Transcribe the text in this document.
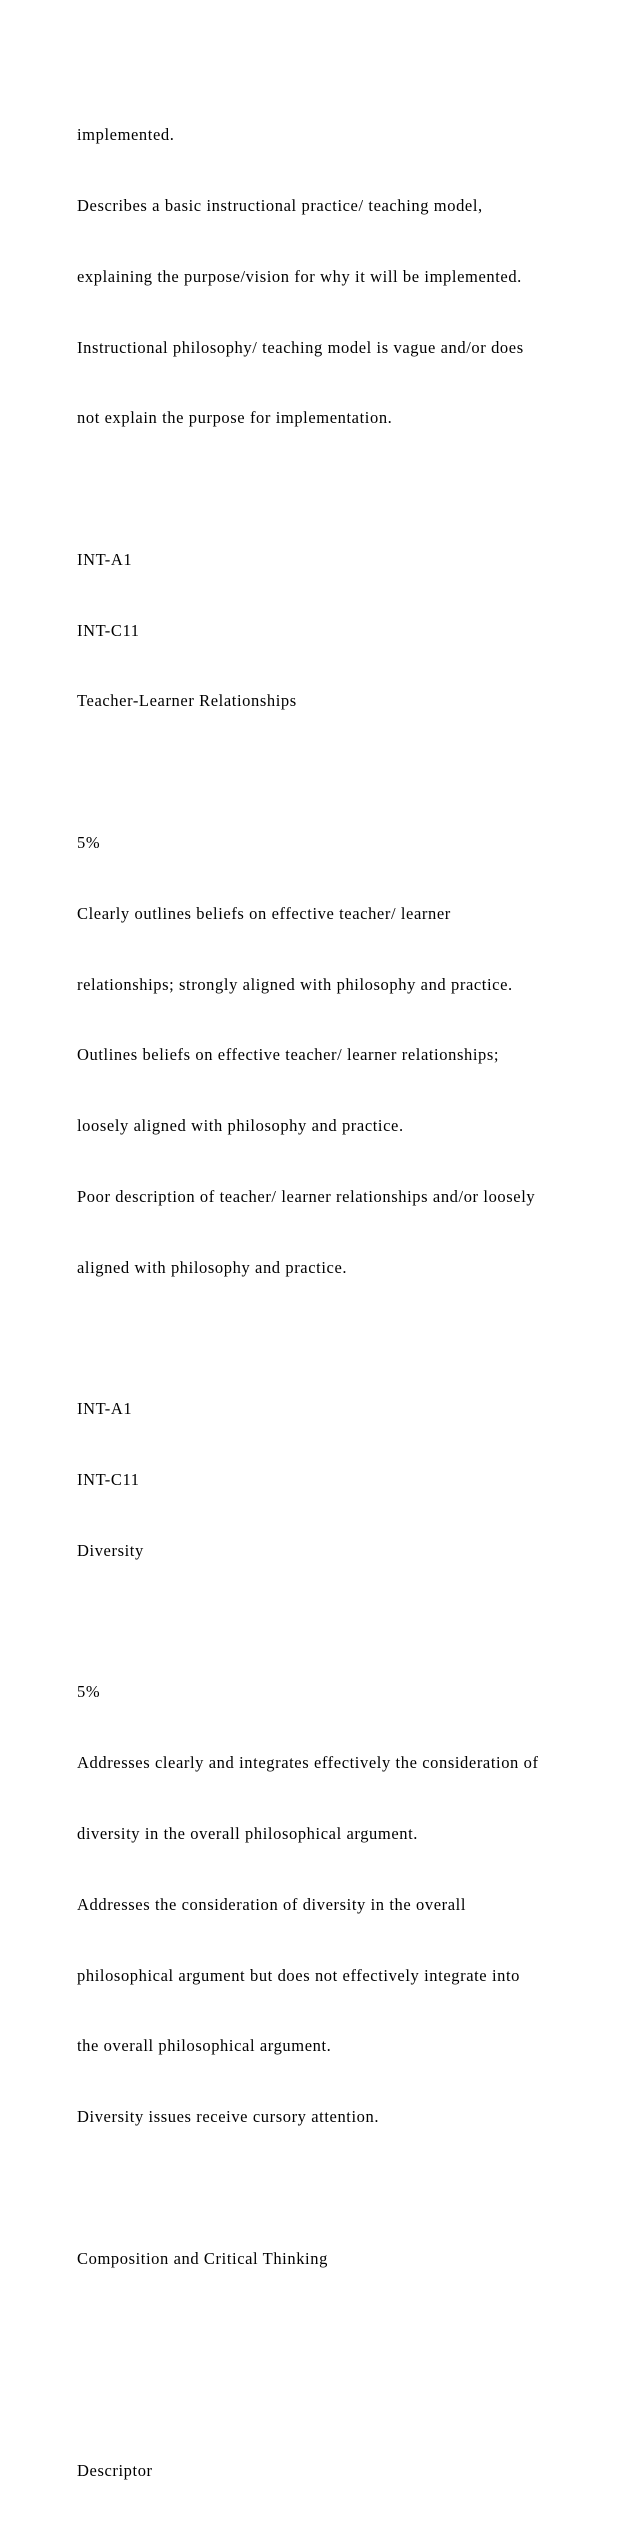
implemented.

Describes a basic instructional practice/ teaching model,

explaining the purpose/vision for why it will be implemented.

Instructional philosophy/ teaching model is vague and/or does

not explain the purpose for implementation.

INT-A1

INT-C11

Teacher-Learner Relationships

5%

Clearly outlines beliefs on effective teacher/ learner

relationships; strongly aligned with philosophy and practice.

Outlines beliefs on effective teacher/ learner relationships;

loosely aligned with philosophy and practice.

Poor description of teacher/ learner relationships and/or loosely

aligned with philosophy and practice.

INT-A1

INT-C11

Diversity

5%

Addresses clearly and integrates effectively the consideration of

diversity in the overall philosophical argument.

Addresses the consideration of diversity in the overall

philosophical argument but does not effectively integrate into

the overall philosophical argument.

Diversity issues receive cursory attention.

Composition and Critical Thinking

Descriptor
